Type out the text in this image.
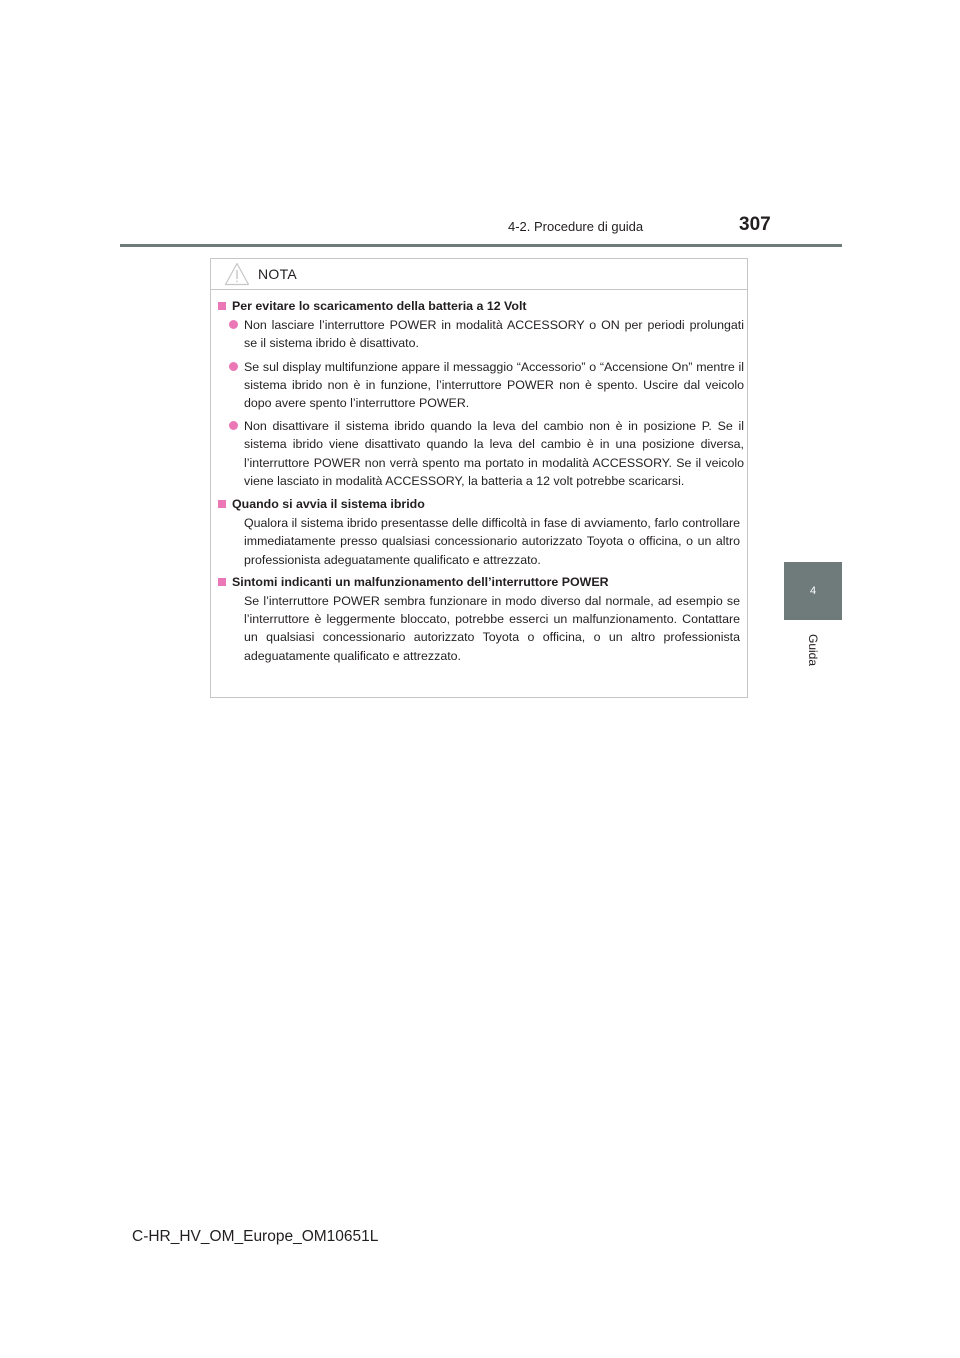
4-2. Procedure di guida	307
4
Guida
NOTA
Per evitare lo scaricamento della batteria a 12 Volt
Non lasciare l’interruttore POWER in modalità ACCESSORY o ON per periodi prolungati se il sistema ibrido è disattivato.
Se sul display multifunzione appare il messaggio “Accessorio” o “Accensione On” mentre il sistema ibrido non è in funzione, l’interruttore POWER non è spento. Uscire dal veicolo dopo avere spento l’interruttore POWER.
Non disattivare il sistema ibrido quando la leva del cambio non è in posizione P. Se il sistema ibrido viene disattivato quando la leva del cambio è in una posizione diversa, l’interruttore POWER non verrà spento ma portato in modalità ACCESSORY. Se il veicolo viene lasciato in modalità ACCESSORY, la batteria a 12 volt potrebbe scaricarsi.
Quando si avvia il sistema ibrido
Qualora il sistema ibrido presentasse delle difficoltà in fase di avviamento, farlo controllare immediatamente presso qualsiasi concessionario autorizzato Toyota o officina, o un altro professionista adeguatamente qualificato e attrezzato.
Sintomi indicanti un malfunzionamento dell’interruttore POWER
Se l’interruttore POWER sembra funzionare in modo diverso dal normale, ad esempio se l’interruttore è leggermente bloccato, potrebbe esserci un malfunzionamento. Contattare un qualsiasi concessionario autorizzato Toyota o officina, o un altro professionista adeguatamente qualificato e attrezzato.
C-HR_HV_OM_Europe_OM10651L
